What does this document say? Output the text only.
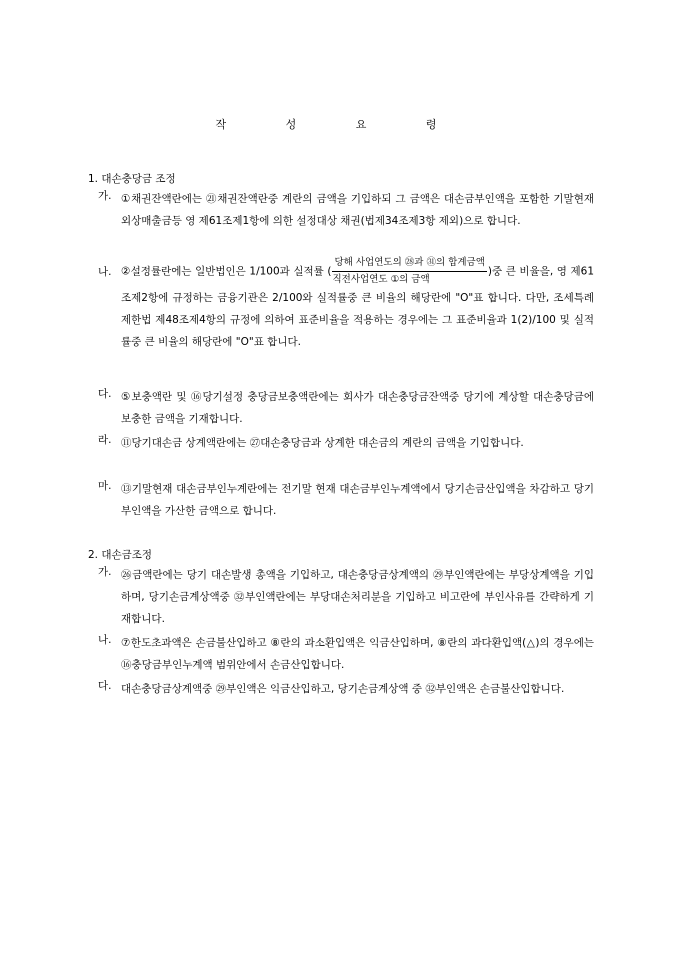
작 성 요 령
1. 대손충당금 조정
가. ①채권잔액란에는 ㉑채권잔액란중 계란의 금액을 기입하되 그 금액은 대손금부인액을 포함한 기말현재 외상매출금등 영 제61조제1항에 의한 설정대상 채권(법제34조제3항 제외)으로 합니다.
나. ②설정률란에는 일반법인은 1/100과 실적률 ( $\frac{\text{당해 사업연도의 ㉘과 ㉛의 합계금액}}{\text{직전사업연도 ①의 금액}}$ )중 큰 비율을, 영 제61조제2항에 규정하는 금융기관은 2/100와 실적률중 큰 비율의 해당란에 "O"표 합니다. 다만, 조세특례제한법 제48조제4항의 규정에 의하여 표준비율을 적용하는 경우에는 그 표준비율과 1(2)/100 및 실적률중 큰 비율의 해당란에 "O"표 합니다.
다. ⑤보충액란 및 ⑯당기설정 충당금보충액란에는 회사가 대손충당금잔액중 당기에 계상할 대손충당금에 보충한 금액을 기재합니다.
라. ⑪당기대손금 상계액란에는 ㉗대손충당금과 상계한 대손금의 계란의 금액을 기입합니다.
마. ⑬기말현재 대손금부인누계란에는 전기말 현재 대손금부인누계액에서 당기손금산입액을 차감하고 당기 부인액을 가산한 금액으로 합니다.
2. 대손금조정
가. ㉖금액란에는 당기 대손발생 총액을 기입하고, 대손충당금상계액의 ㉙부인액란에는 부당상계액을 기입하며, 당기손금계상액중 ㉜부인액란에는 부당대손처리분을 기입하고 비고란에 부인사유를 간략하게 기재합니다.
나. ⑦한도초과액은 손금불산입하고 ⑧란의 과소환입액은 익금산입하며, ⑧란의 과다환입액(△)의 경우에는 ⑯충당금부인누계액 범위안에서 손금산입합니다.
다. 대손충당금상계액중 ㉙부인액은 익금산입하고, 당기손금계상액 중 ㉜부인액은 손금불산입합니다.
